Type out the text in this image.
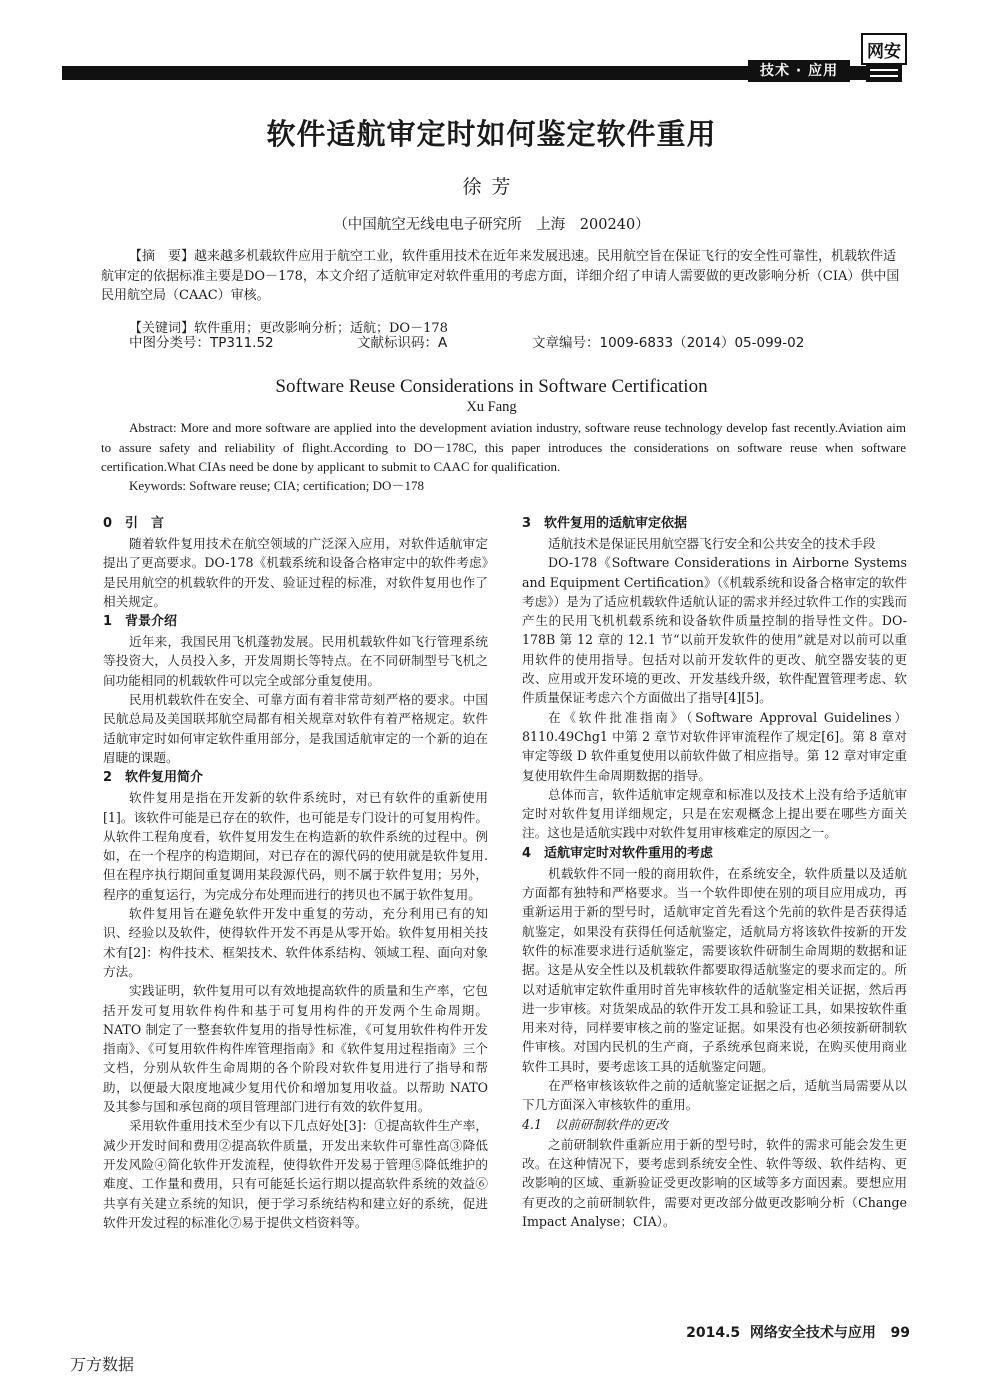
技术 · 应用
网安
软件适航审定时如何鉴定软件重用
徐芳
（中国航空无线电电子研究所　上海　200240）
【摘　要】越来越多机载软件应用于航空工业，软件重用技术在近年来发展迅速。民用航空旨在保证飞行的安全性可靠性，机载软件适航审定的依据标准主要是DO－178，本文介绍了适航审定对软件重用的考虑方面，详细介绍了申请人需要做的更改影响分析（CIA）供中国民用航空局（CAAC）审核。
【关键词】软件重用；更改影响分析；适航；DO－178
中图分类号：TP311.52	文献标识码：A	文章编号：1009-6833（2014）05-099-02
Software Reuse Considerations in Software Certification
Xu Fang
Abstract: More and more software are applied into the development aviation industry, software reuse technology develop fast recently.Aviation aim to assure safety and reliability of flight.According to DO－178C, this paper introduces the considerations on software reuse when software certification.What CIAs need be done by applicant to submit to CAAC for qualification.
Keywords: Software reuse; CIA; certification; DO－178
0　引　言

随着软件复用技术在航空领域的广泛深入应用，对软件适航审定提出了更高要求。DO-178《机载系统和设备合格审定中的软件考虑》是民用航空的机载软件的开发、验证过程的标准，对软件复用也作了相关规定。

1　背景介绍

近年来，我国民用飞机蓬勃发展。民用机载软件如飞行管理系统等投资大，人员投入多，开发周期长等特点。在不同研制型号飞机之间功能相同的机载软件可以完全或部分重复使用。

民用机载软件在安全、可靠方面有着非常苛刻严格的要求。中国民航总局及美国联邦航空局都有相关规章对软件有着严格规定。软件适航审定时如何审定软件重用部分，是我国适航审定的一个新的迫在眉睫的课题。

2　软件复用简介

软件复用是指在开发新的软件系统时，对已有软件的重新使用[1]。该软件可能是已存在的软件，也可能是专门设计的可复用构件。从软件工程角度看，软件复用发生在构造新的软件系统的过程中。例如，在一个程序的构造期间，对已存在的源代码的使用就是软件复用.但在程序执行期间重复调用某段源代码，则不属于软件复用；另外，程序的重复运行，为完成分布处理而进行的拷贝也不属于软件复用。

软件复用旨在避免软件开发中重复的劳动，充分利用已有的知识、经验以及软件，使得软件开发不再是从零开始。软件复用相关技术有[2]：构件技术、框架技术、软件体系结构、领域工程、面向对象方法。

实践证明，软件复用可以有效地提高软件的质量和生产率，它包括开发可复用软件构件和基于可复用构件的开发两个生命周期。NATO 制定了一整套软件复用的指导性标准，《可复用软件构件开发指南》、《可复用软件构件库管理指南》和《软件复用过程指南》三个文档，分别从软件生命周期的各个阶段对软件复用进行了指导和帮助，以便最大限度地减少复用代价和增加复用收益。以帮助 NATO 及其参与国和承包商的项目管理部门进行有效的软件复用。

采用软件重用技术至少有以下几点好处[3]：①提高软件生产率，减少开发时间和费用②提高软件质量，开发出来软件可靠性高③降低开发风险④简化软件开发流程，使得软件开发易于管理⑤降低维护的难度、工作量和费用，只有可能延长运行期以提高软件系统的效益⑥共享有关建立系统的知识，便于学习系统结构和建立好的系统，促进软件开发过程的标准化⑦易于提供文档资料等。

3　软件复用的适航审定依据

适航技术是保证民用航空器飞行安全和公共安全的技术手段

DO-178《Software Considerations in Airborne Systems and Equipment Certification》（《机载系统和设备合格审定的软件考虑》）是为了适应机载软件适航认证的需求并经过软件工作的实践而产生的民用飞机机载系统和设备软件质量控制的指导性文件。DO-178B 第 12 章的 12.1 节“以前开发软件的使用”就是对以前可以重用软件的使用指导。包括对以前开发软件的更改、航空器安装的更改、应用或开发环境的更改、开发基线升级，软件配置管理考虑、软件质量保证考虑六个方面做出了指导[4][5]。

在《软件批准指南》（Software Approval Guidelines）8110.49Chg1 中第 2 章节对软件评审流程作了规定[6]。第 8 章对审定等级 D 软件重复使用以前软件做了相应指导。第 12 章对审定重复使用软件生命周期数据的指导。

总体而言，软件适航审定规章和标准以及技术上没有给予适航审定时对软件复用详细规定，只是在宏观概念上提出要在哪些方面关注。这也是适航实践中对软件复用审核难定的原因之一。

4　适航审定时对软件重用的考虑

机载软件不同一般的商用软件，在系统安全，软件质量以及适航方面都有独特和严格要求。当一个软件即使在别的项目应用成功，再重新运用于新的型号时，适航审定首先看这个先前的软件是否获得适航鉴定，如果没有获得任何适航鉴定，适航局方将该软件按新的开发软件的标准要求进行适航鉴定，需要该软件研制生命周期的数据和证据。这是从安全性以及机载软件都要取得适航鉴定的要求而定的。所以对适航审定软件重用时首先审核软件的适航鉴定相关证据，然后再进一步审核。对货架成品的软件开发工具和验证工具，如果按软件重用来对待，同样要审核之前的鉴定证据。如果没有也必须按新研制软件审核。对国内民机的生产商，子系统承包商来说，在购买使用商业软件工具时，要考虑该工具的适航鉴定问题。

在严格审核该软件之前的适航鉴定证据之后，适航当局需要从以下几方面深入审核软件的重用。

4.1　以前研制软件的更改

之前研制软件重新应用于新的型号时，软件的需求可能会发生更改。在这种情况下，要考虑到系统安全性、软件等级、软件结构、更改影响的区域、重新验证受更改影响的区域等多方面因素。要想应用有更改的之前研制软件，需要对更改部分做更改影响分析（Change Impact Analyse；CIA）。

2014.5 网络安全技术与应用 99
万方数据
